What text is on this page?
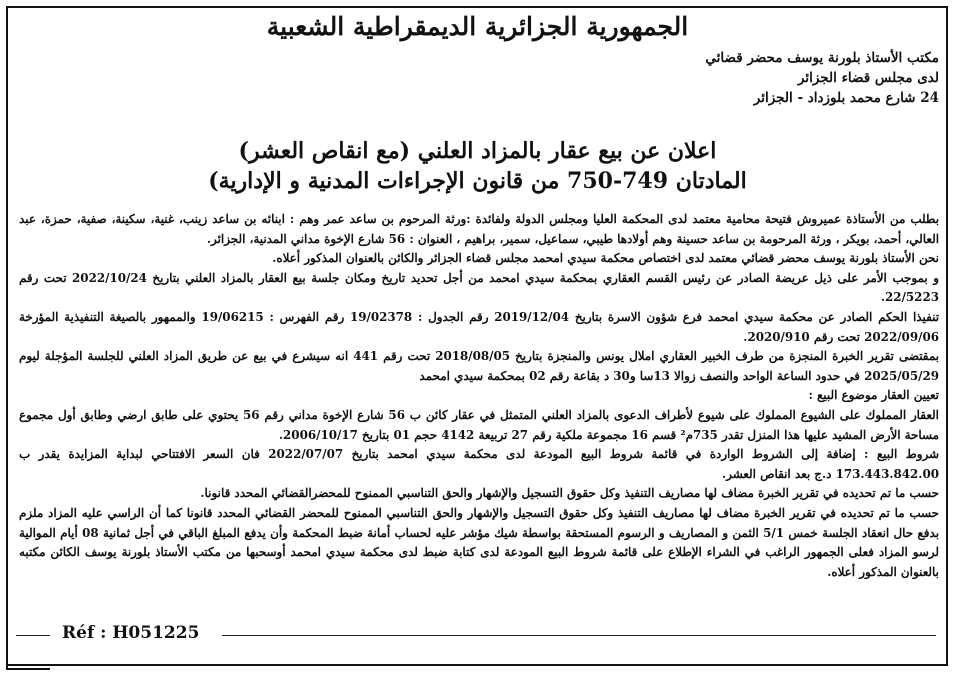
الجمهورية الجزائرية الديمقراطية الشعبية
مكتب الأستاذ بلورنة يوسف محضر قضائي
لدى مجلس قضاء الجزائر
24 شارع محمد بلوزداد - الجزائر
اعلان عن بيع عقار بالمزاد العلني (مع انقاص العشر)
المادتان 749-750 من قانون الإجراءات المدنية و الإدارية)

بطلب من الأستاذة عميروش فتيحة محامية معتمد لدى المحكمة العليا ومجلس الدولة ولفائدة :ورثة المرحوم بن ساعد عمر وهم : ابنائه بن ساعد زينب، غنية، سكينة، صفية، حمزة، عبد العالي، أحمد، بويكر ، ورثة المرحومة بن ساعد حسينة وهم أولادها طيبي، سماعيل، سمير، براهيم ، العنوان : 56 شارع الإخوة مداني المدنية، الجزائر.

نحن الأستاذ بلورنة يوسف محضر قضائي معتمد لدى اختصاص محكمة سيدي امحمد مجلس قضاء الجزائر والكائن بالعنوان المذكور أعلاه.

و بموجب الأمر على ذيل عريضة الصادر عن رئيس القسم العقاري بمحكمة سيدي امحمد من أجل تحديد تاريخ ومكان جلسة بيع العقار بالمزاد العلني بتاريخ 2022/10/24 تحت رقم 22/5223.

تنفيذا الحكم الصادر عن محكمة سيدي امحمد فرع شؤون الاسرة بتاريخ 2019/12/04 رقم الجدول : 19/02378 رقم الفهرس : 19/06215 والممهور بالصيغة التنفيذية المؤرخة 2022/09/06 تحت رقم 2020/910.

بمقتضى تقرير الخبرة المنجزة من طرف الخبير العقاري املال يونس والمنجزة بتاريخ 2018/08/05 تحت رقم 441 انه سيشرع في بيع عن طريق المزاد العلني للجلسة المؤجلة ليوم 2025/05/29 في حدود الساعة الواحد والنصف زوالا 13سا و30 د بقاعة رقم 02 بمحكمة سيدي امحمد

تعيين العقار موضوع البيع :

العقار المملوك على الشيوع المملوك على شيوع لأطراف الدعوى بالمزاد العلني المتمثل في عقار كائن ب 56 شارع الإخوة مداني رقم 56 يحتوي على طابق ارضي وطابق أول مجموع مساحة الأرض المشيد عليها هذا المنزل تقدر 735م² قسم 16 مجموعة ملكية رقم 27 تربيعة 4142 حجم 01 بتاريخ 2006/10/17.

شروط البيع : إضافة إلى الشروط الواردة في قائمة شروط البيع المودعة لدى محكمة سيدي امحمد بتاريخ 2022/07/07 فان السعر الافتتاحي لبداية المزايدة يقدر ب 173.443.842.00 د.ج بعد انقاص العشر.

حسب ما تم تحديده في تقرير الخبرة مضاف لها مصاريف التنفيذ وكل حقوق التسجيل والإشهار والحق التناسبي الممنوح للمحضرالقضائي المحدد قانونا.

حسب ما تم تحديده في تقرير الخبرة مضاف لها مصاريف التنفيذ وكل حقوق التسجيل والإشهار والحق التناسبي الممنوح للمحضر القضائي المحدد قانونا كما أن الراسي عليه المزاد ملزم بدفع حال انعقاد الجلسة خمس 5/1 الثمن و المصاريف و الرسوم المستحقة بواسطة شيك مؤشر عليه لحساب أمانة ضبط المحكمة وأن يدفع المبلغ الباقي في أجل ثمانية 08 أيام الموالية لرسو المزاد فعلى الجمهور الراغب في الشراء الإطلاع على قائمة شروط البيع المودعة لدى كتابة ضبط لدى محكمة سيدي امحمد أوسحبها من مكتب الأستاذ بلورنة يوسف الكائن مكتبه بالعنوان المذكور أعلاه.

Réf : H051225
